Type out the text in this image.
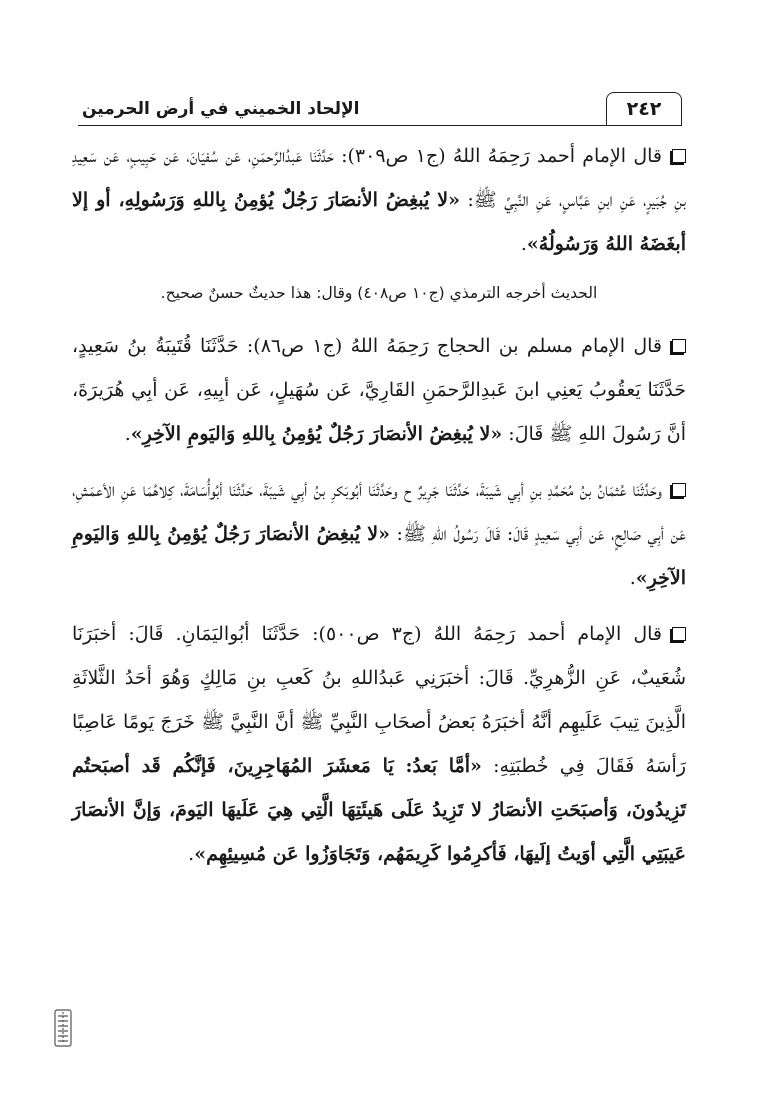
الإلحاد الخميني في أرض الحرمين	٢٤٢

قال الإمام أحمد رَحِمَهُ اللهُ (ج١ ص٣٠٩): حَدَّثَنَا عَبدُالرَّحمَنِ، عَن سُفيَانَ، عَن حَبِيبٍ، عَن سَعِيدِ بنِ جُبَيرٍ، عَنِ ابنِ عَبَّاسٍ، عَنِ النَّبِيِّ ﷺ: «لا يُبغِضُ الأنصَارَ رَجُلٌ يُؤمِنُ بِاللهِ وَرَسُولِهِ، أو إلا أبغَضَهُ اللهُ وَرَسُولُهُ».

الحديث أخرجه الترمذي (ج١٠ ص٤٠٨) وقال: هذا حديثٌ حسنٌ صحيح.

قال الإمام مسلم بن الحجاج رَحِمَهُ اللهُ (ج١ ص٨٦): حَدَّثَنَا قُتَيبَةُ بنُ سَعِيدٍ، حَدَّثَنَا يَعقُوبُ يَعنِي ابنَ عَبدِالرَّحمَنِ القَارِيَّ، عَن سُهَيلٍ، عَن أبِيهِ، عَن أبِي هُرَيرَةَ، أنَّ رَسُولَ اللهِ ﷺ قَالَ: «لا يُبغِضُ الأنصَارَ رَجُلٌ يُؤمِنُ بِاللهِ وَاليَومِ الآخِرِ».

وحَدَّثَنَا عُثمَانُ بنُ مُحَمَّدِ بنِ أبِي شَيبَةَ، حَدَّثَنَا جَرِيرٌ ح وحَدَّثَنَا أبُوبَكرِ بنُ أبِي شَيبَةَ، حَدَّثَنَا أبُوأُسَامَةَ، كِلاهُمَا عَنِ الأعمَشِ، عَن أبِي صَالِحٍ، عَن أبِي سَعِيدٍ قَالَ: قَالَ رَسُولُ اللهِ ﷺ: «لا يُبغِضُ الأنصَارَ رَجُلٌ يُؤمِنُ بِاللهِ وَاليَومِ الآخِرِ».

قال الإمام أحمد رَحِمَهُ اللهُ (ج٣ ص٥٠٠): حَدَّثَنَا أبُواليَمَانِ. قَالَ: أخبَرَنَا شُعَيبٌ، عَنِ الزُّهرِيِّ. قَالَ: أخبَرَنِي عَبدُاللهِ بنُ كَعبِ بنِ مَالِكٍ وَهُوَ أحَدُ الثَّلاثَةِ الَّذِينَ تِيبَ عَلَيهِم أنَّهُ أخبَرَهُ بَعضُ أصحَابِ النَّبِيِّ ﷺ أنَّ النَّبِيَّ ﷺ خَرَجَ يَومًا عَاصِبًا رَأسَهُ فَقَالَ فِي خُطبَتِهِ: «أمَّا بَعدُ: يَا مَعشَرَ المُهَاجِرِينَ، فَإنَّكُم قَد أصبَحتُم تَزِيدُونَ، وَأصبَحَتِ الأنصَارُ لا تَزِيدُ عَلَى هَيئَتِهَا الَّتِي هِيَ عَلَيهَا اليَومَ، وَإنَّ الأنصَارَ عَيبَتِي الَّتِي أوَيتُ إلَيهَا، فَأكرِمُوا كَرِيمَهُم، وَتَجَاوَزُوا عَن مُسِيئِهِم».
